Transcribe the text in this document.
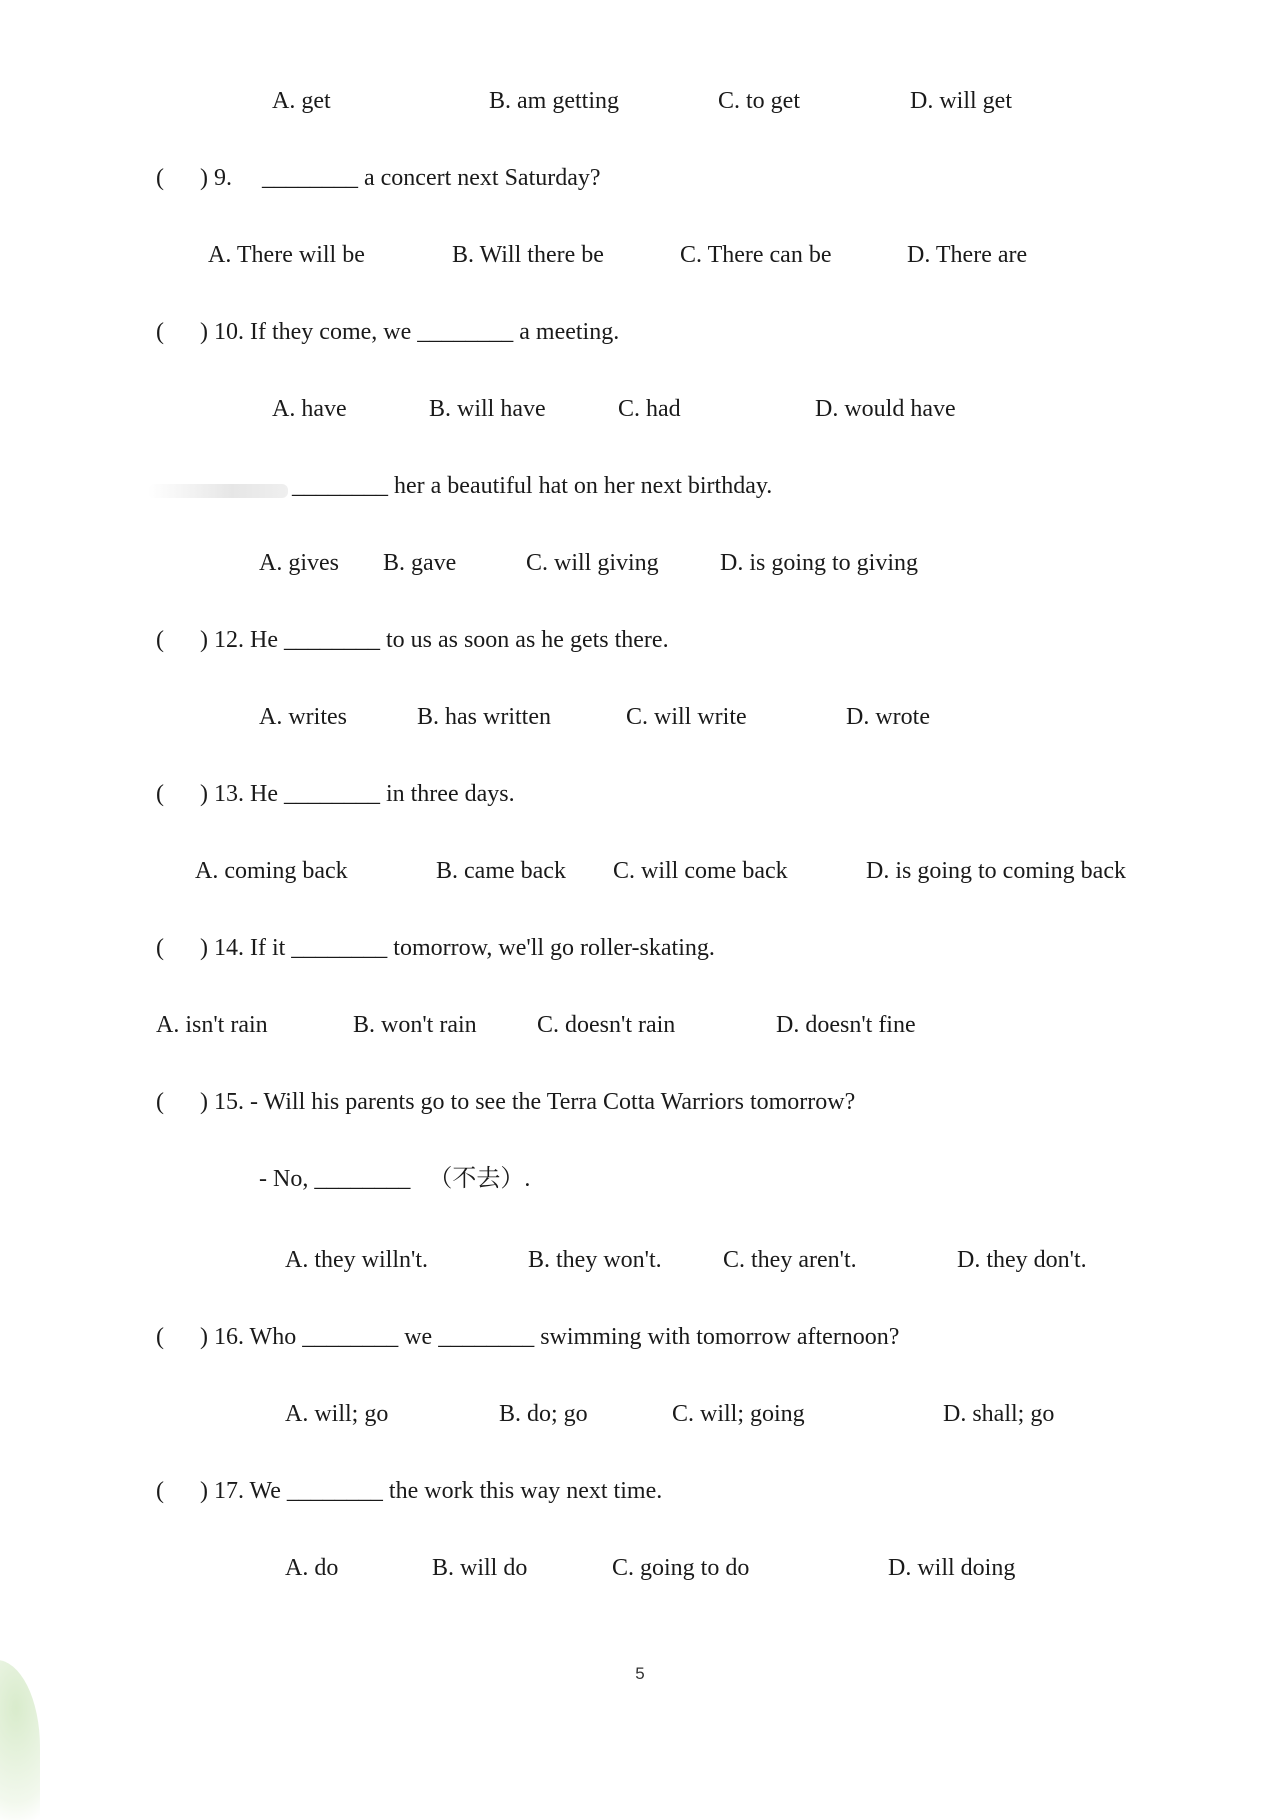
A. get	B. am getting	C. to get	D. will get
(      ) 9.     ________ a concert next Saturday?
A. There will be	B. Will there be	C. There can be	D. There are
(      ) 10. If they come, we ________ a meeting.
A. have	B. will have	C. had	D. would have
________ her a beautiful hat on her next birthday.
A. gives B. gave	C. will giving	D. is going to giving
(      ) 12. He ________ to us as soon as he gets there.
A. writes	B. has written	C. will write	D. wrote
(      ) 13. He ________ in three days.
A. coming back	B. came back C. will come back	D. is going to coming back
(      ) 14. If it ________ tomorrow, we'll go roller-skating.
A. isn't rain	B. won't rain	C. doesn't rain	D. doesn't fine
(      ) 15. - Will his parents go to see the Terra Cotta Warriors tomorrow?
- No, ________   （不去）.
A. they willn't.	B. they won't.	C. they aren't.	D. they don't.
(      ) 16. Who ________ we ________ swimming with tomorrow afternoon?
A. will; go	B. do; go	C. will; going	D. shall; go
(      ) 17. We ________ the work this way next time.
A. do	B. will do	C. going to do	D. will doing
5
